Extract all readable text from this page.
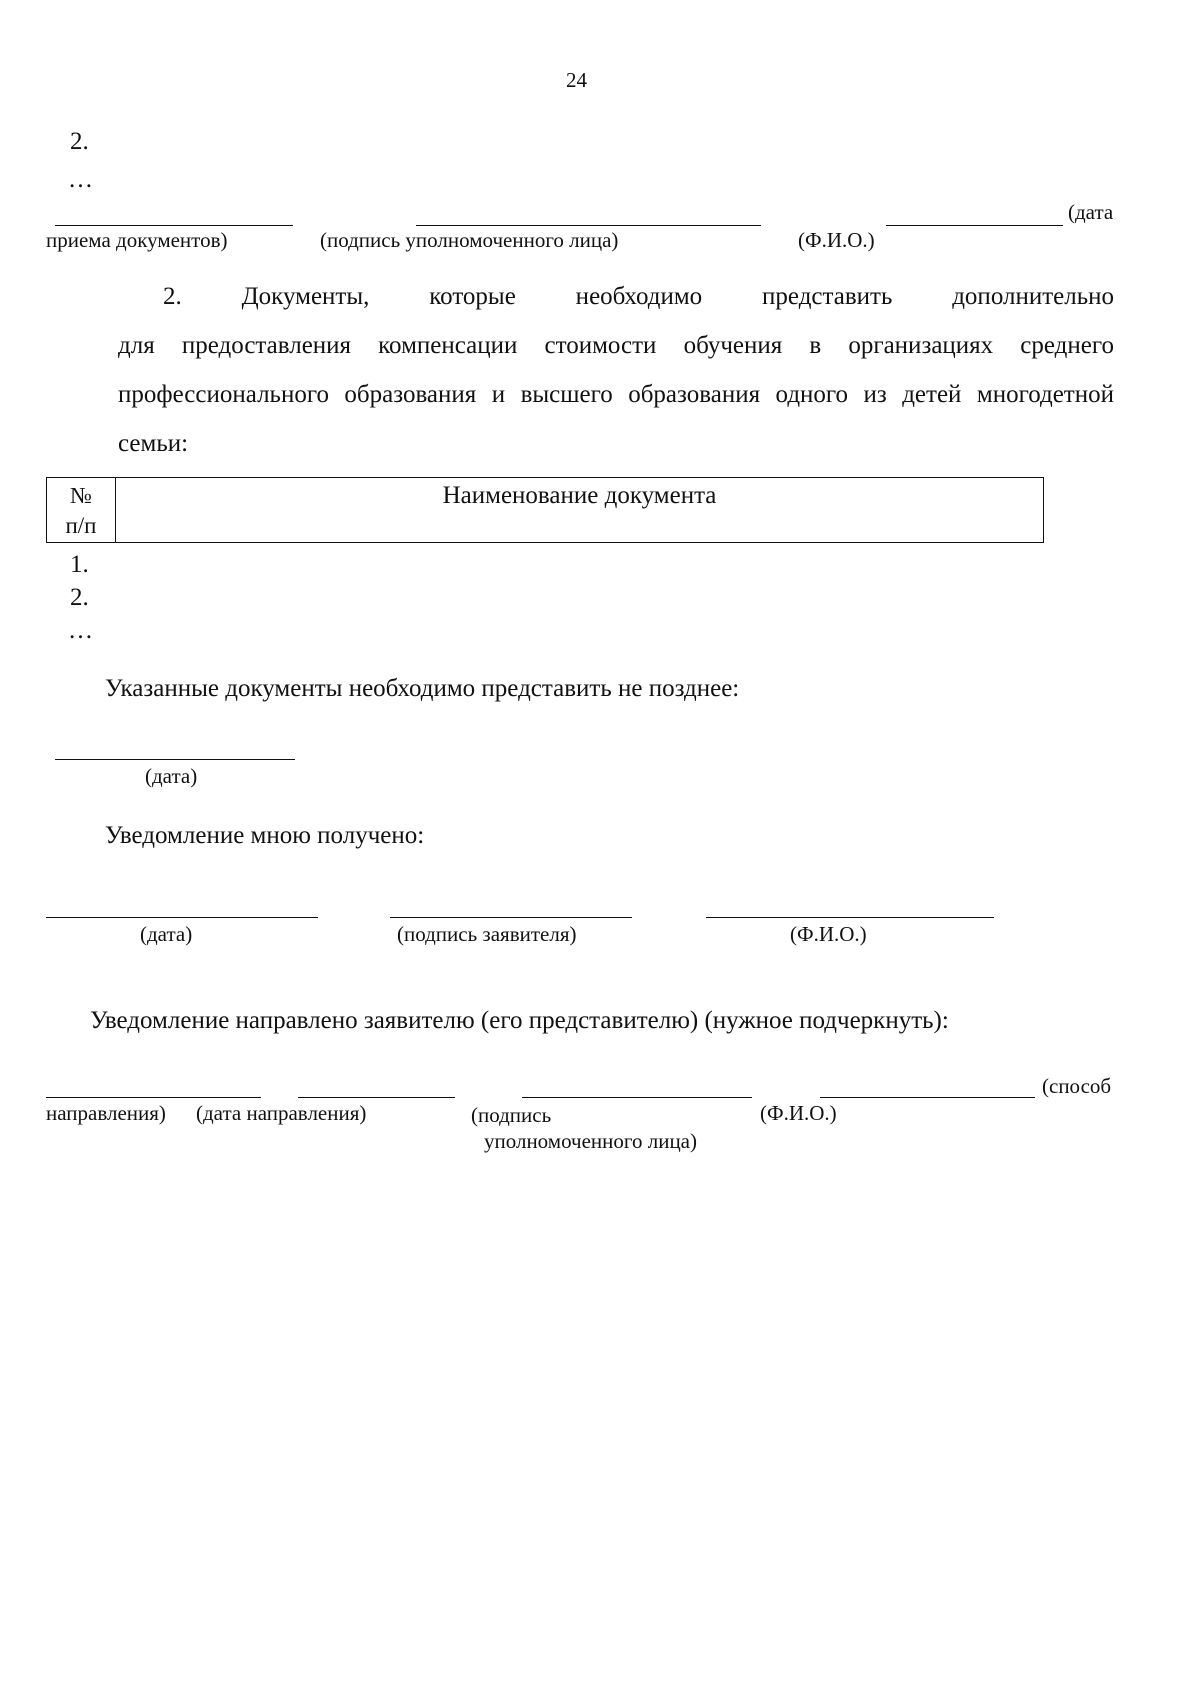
24
2.
…
(дата
приема документов)	(подпись уполномоченного лица)	(Ф.И.О.)
2. Документы, которые необходимо представить дополнительно
для предоставления компенсации стоимости обучения в организациях среднего профессионального образования и высшего образования одного из детей многодетной семьи:
№
п/п
	Наименование документа
1.
2.
…
Указанные документы необходимо представить не позднее:
(дата)
Уведомление мною получено:
(дата)	(подпись заявителя)	(Ф.И.О.)
Уведомление направлено заявителю (его представителю) (нужное подчеркнуть):
(способ
направления) (дата направления)	(подпись
уполномоченного лица)
(Ф.И.О.)
